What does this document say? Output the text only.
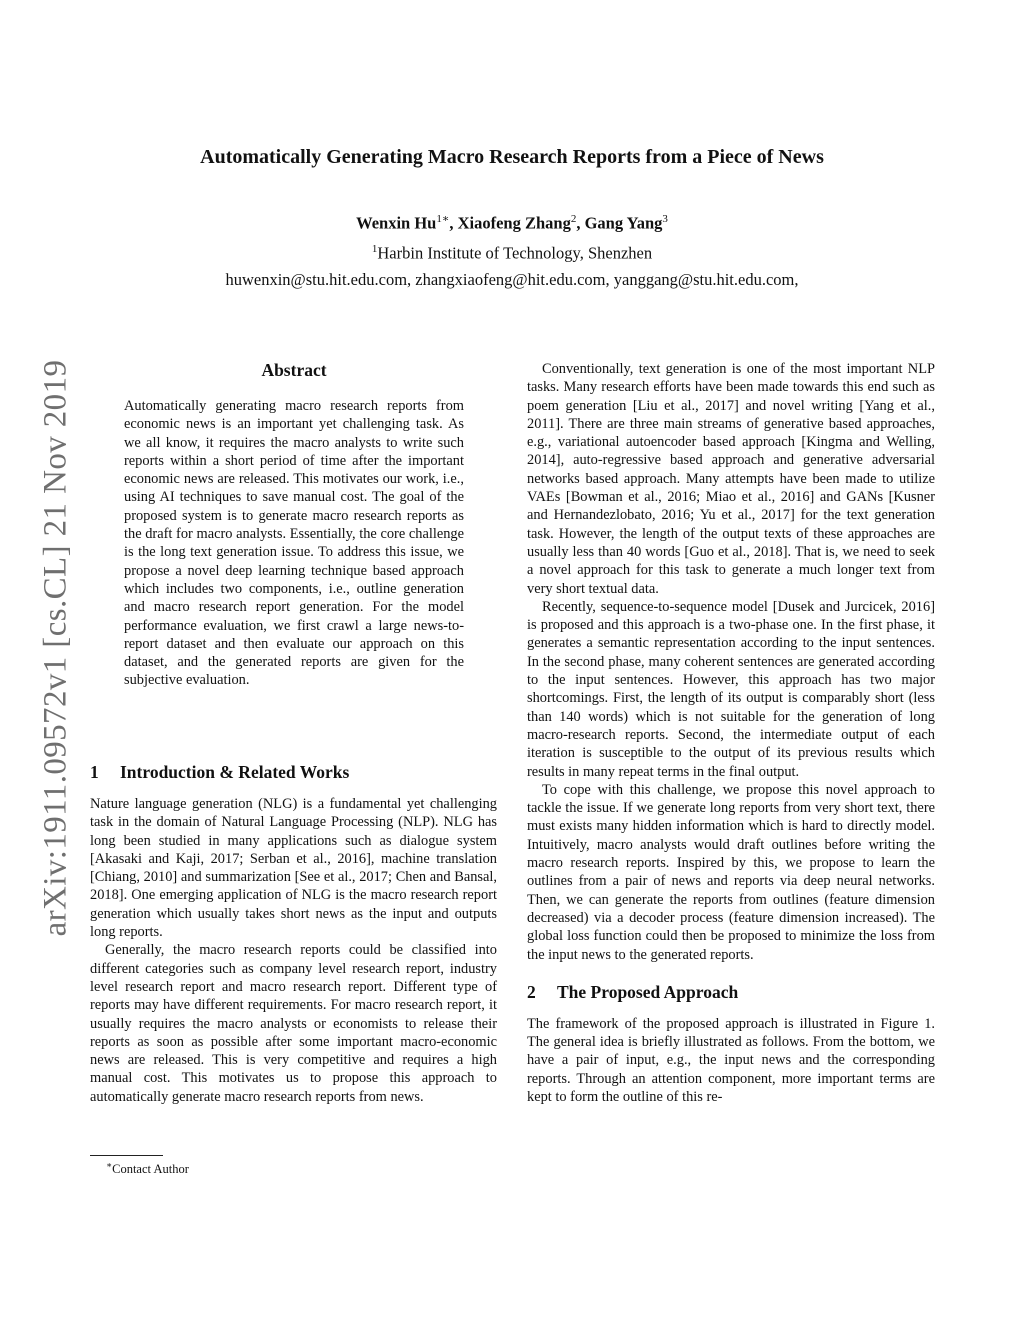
Automatically Generating Macro Research Reports from a Piece of News
Wenxin $Hu^{1∗}$, Xiaofeng Zhang$^2$, Gang Yang$^3$
$^1$Harbin Institute of Technology, Shenzhen
huwenxin@stu.hit.edu.com, zhangxiaofeng@hit.edu.com, yanggang@stu.hit.edu.com,
arXiv:1911.09572v1 [cs.CL] 21 Nov 2019	Abstract

Automatically generating macro research reports from economic news is an important yet challenging task. As we all know, it requires the macro analysts to write such reports within a short period of time after the important economic news are released. This motivates our work, i.e., using AI techniques to save manual cost. The goal of the proposed system is to generate macro research reports as the draft for macro analysts. Essentially, the core challenge is the long text generation issue. To address this issue, we propose a novel deep learning technique based approach which includes two components, i.e., outline generation and macro research report generation. For the model performance evaluation, we first crawl a large news-to-report dataset and then evaluate our approach on this dataset, and the generated reports are given for the subjective evaluation.

1 Introduction & Related Works

Nature language generation (NLG) is a fundamental yet challenging task in the domain of Natural Language Processing (NLP). NLG has long been studied in many applications such as dialogue system [Akasaki and Kaji, 2017; Serban et al., 2016], machine translation [Chiang, 2010] and summarization [See et al., 2017; Chen and Bansal, 2018]. One emerging application of NLG is the macro research report generation which usually takes short news as the input and outputs long reports.

Generally, the macro research reports could be classified into different categories such as company level research report, industry level research report and macro research report. Different type of reports may have different requirements. For macro research report, it usually requires the macro analysts or economists to release their reports as soon as possible after some important macro-economic news are released. This is very competitive and requires a high manual cost. This motivates us to propose this approach to automatically generate macro research reports from news.

Conventionally, text generation is one of the most important NLP tasks. Many research efforts have been made towards this end such as poem generation [Liu et al., 2017] and novel writing [Yang et al., 2011]. There are three main streams of generative based approaches, e.g., variational autoencoder based approach [Kingma and Welling, 2014], auto-regressive based approach and generative adversarial networks based approach. Many attempts have been made to utilize VAEs [Bowman et al., 2016; Miao et al., 2016] and GANs [Kusner and Hernandezlobato, 2016; Yu et al., 2017] for the text generation task. However, the length of the output texts of these approaches are usually less than 40 words [Guo et al., 2018]. That is, we need to seek a novel approach for this task to generate a much longer text from very short textual data.

Recently, sequence-to-sequence model [Dusek and Jurcicek, 2016] is proposed and this approach is a two-phase one. In the first phase, it generates a semantic representation according to the input sentences. In the second phase, many coherent sentences are generated according to the input sentences. However, this approach has two major shortcomings. First, the length of its output is comparably short (less than 140 words) which is not suitable for the generation of long macro-research reports. Second, the intermediate output of each iteration is susceptible to the output of its previous results which results in many repeat terms in the final output.

To cope with this challenge, we propose this novel approach to tackle the issue. If we generate long reports from very short text, there must exists many hidden information which is hard to directly model. Intuitively, macro analysts would draft outlines before writing the macro research reports. Inspired by this, we propose to learn the outlines from a pair of news and reports via deep neural networks. Then, we can generate the reports from outlines (feature dimension decreased) via a decoder process (feature dimension increased). The global loss function could then be proposed to minimize the loss from the input news to the generated reports.

2 The Proposed Approach

The framework of the proposed approach is illustrated in Figure 1. The general idea is briefly illustrated as follows. From the bottom, we have a pair of input, e.g., the input news and the corresponding reports. Through an attention component, more important terms are kept to form the outline of this re-

∗Contact Author
